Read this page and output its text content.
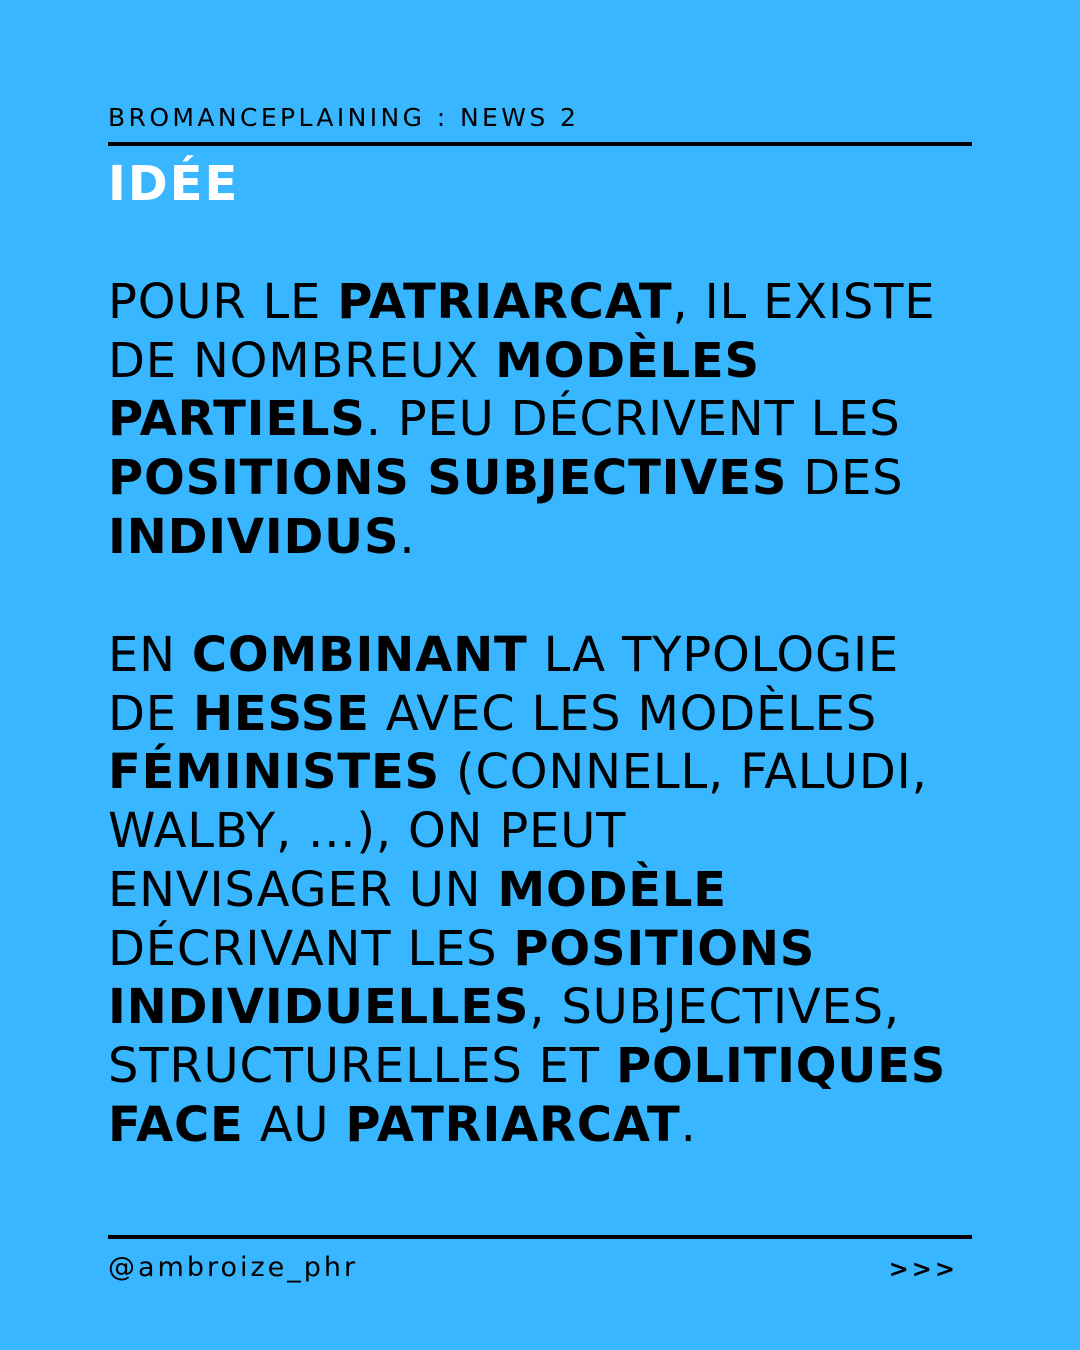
BROMANCEPLAINING : NEWS 2
IDÉE

POUR LE PATRIARCAT, IL EXISTE
DE NOMBREUX MODÈLES
PARTIELS. PEU DÉCRIVENT LES
POSITIONS SUBJECTIVES DES
INDIVIDUS.

EN COMBINANT LA TYPOLOGIE
DE HESSE AVEC LES MODÈLES
FÉMINISTES (CONNELL, FALUDI,
WALBY, ...), ON PEUT
ENVISAGER UN MODÈLE
DÉCRIVANT LES POSITIONS
INDIVIDUELLES, SUBJECTIVES,
STRUCTURELLES ET POLITIQUES
FACE AU PATRIARCAT.

@ambroize_phr	>>>
